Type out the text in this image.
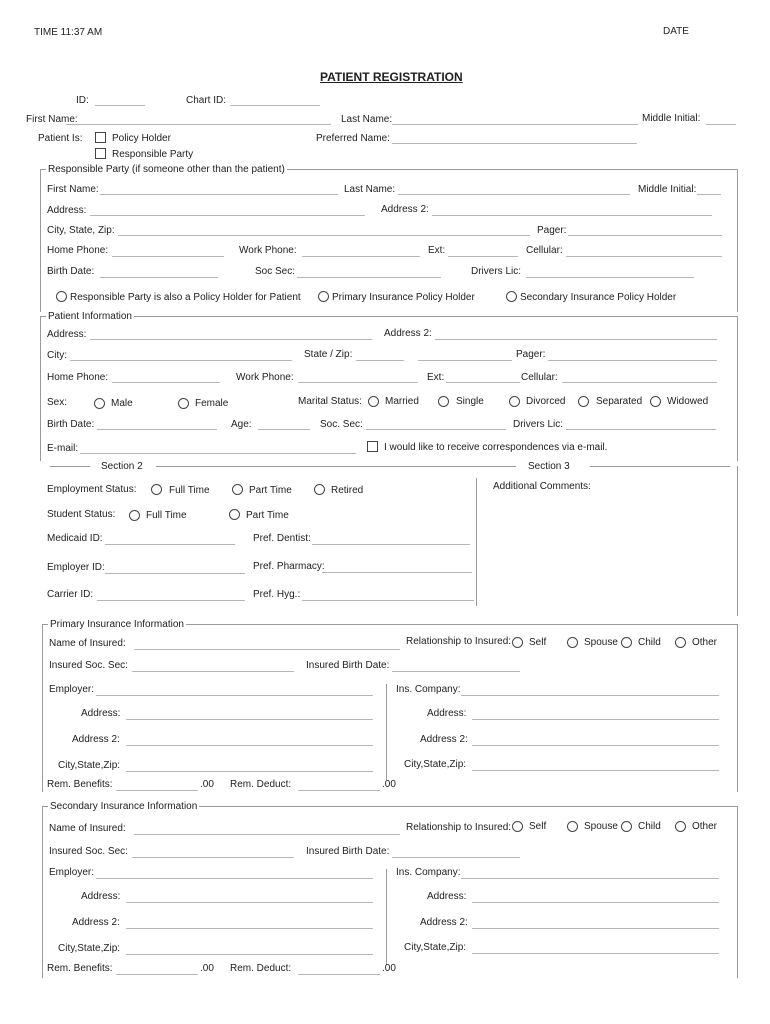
TIME 11:37 AM	DATE
PATIENT REGISTRATION
ID:	Chart ID:
First Name:	Last Name:	Middle Initial:
Patient Is:	Policy Holder	Preferred Name:
Responsible Party
Responsible Party (if someone other than the patient)
First Name:	Last Name:	Middle Initial:
Address:	Address 2:
City, State, Zip:	Pager:
Home Phone:	Work Phone:	Ext:	Cellular:
Birth Date:	Soc Sec:	Drivers Lic:
Responsible Party is also a Policy Holder for Patient	Primary Insurance Policy Holder	Secondary Insurance Policy Holder
Patient Information
Address:	Address 2:
City:	State / Zip:	Pager:
Home Phone:	Work Phone:	Ext:	Cellular:
Sex:	Male	Female	Marital Status: Married	Single	Divorced	Separated Widowed
Birth Date:	Age:	Soc. Sec:	Drivers Lic:
E-mail:	I would like to receive correspondences via e-mail.
Section 2	Section 3
Employment Status:	Full Time	Part Time	Retired	Additional Comments:
Student Status:	Full Time	Part Time
Medicaid ID:	Pref. Dentist:
Employer ID:	Pref. Pharmacy:
Carrier ID:	Pref. Hyg.:
Primary Insurance Information
Name of Insured:	Relationship to Insured: Self	Spouse Child	Other
Insured Soc. Sec:	Insured Birth Date:
Employer:	Ins. Company:
Address:	Address:
Address 2:	Address 2:
City,State,Zip:	City,State,Zip:
Rem. Benefits:	.00 Rem. Deduct:	.00
Secondary Insurance Information
Name of Insured:	Relationship to Insured: Self	Spouse Child	Other
Insured Soc. Sec:	Insured Birth Date:
Employer:	Ins. Company:
Address:	Address:
Address 2:	Address 2:
City,State,Zip:	City,State,Zip:
Rem. Benefits:	.00 Rem. Deduct:	.00
